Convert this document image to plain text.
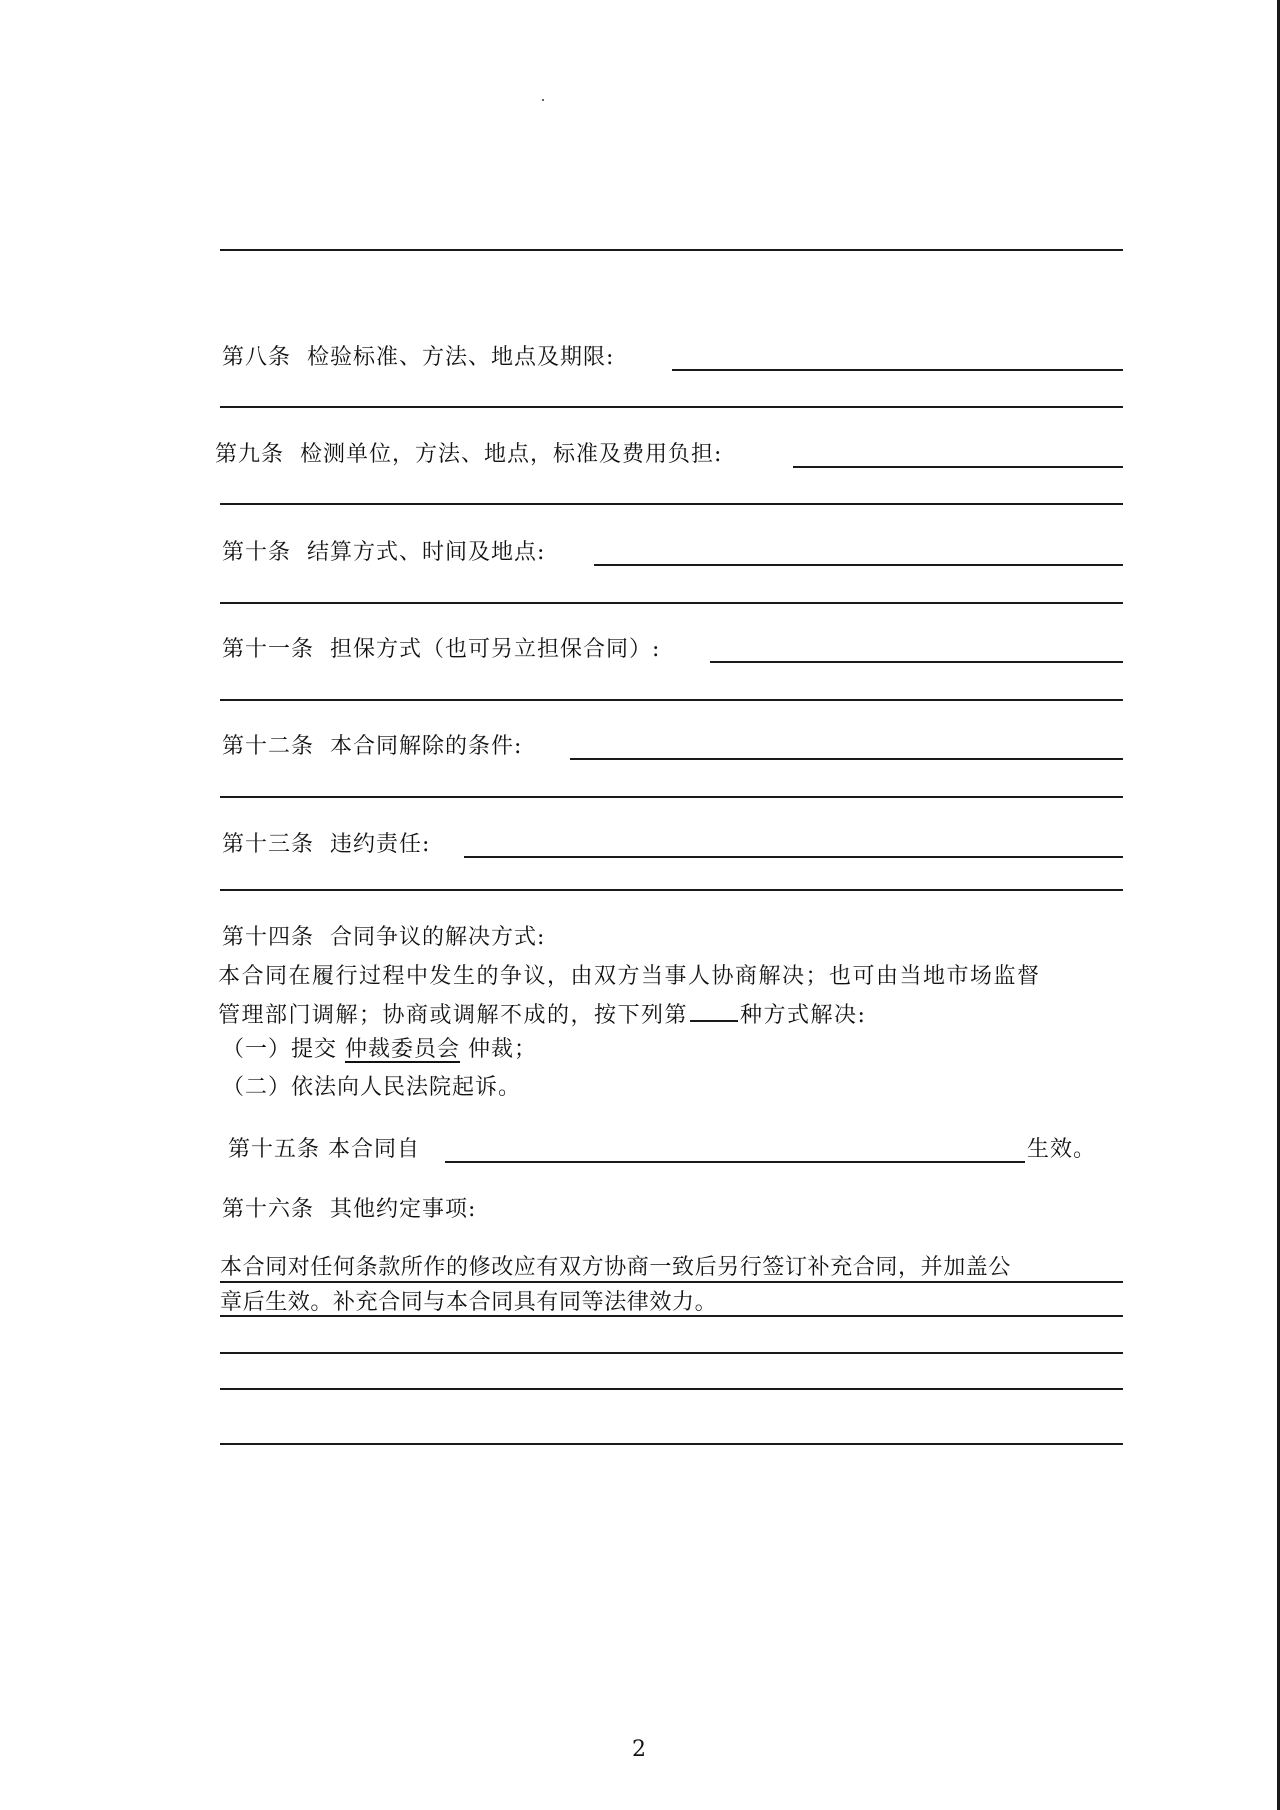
第八条 检验标准、方法、地点及期限:
第九条 检测单位，方法、地点，标准及费用负担:
第十条 结算方式、时间及地点:
第十一条 担保方式（也可另立担保合同）:
第十二条 本合同解除的条件:
第十三条 违约责任:
第十四条 合同争议的解决方式:
本合同在履行过程中发生的争议，由双方当事人协商解决；也可由当地市场监督
管理部门调解；协商或调解不成的，按下列第 种方式解决:
（一）提交 仲裁委员会 仲裁；
（二）依法向人民法院起诉。
第十五条 本合同自	生效。
第十六条 其他约定事项:
本合同对任何条款所作的修改应有双方协商一致后另行签订补充合同，并加盖公
章后生效。补充合同与本合同具有同等法律效力。
2
